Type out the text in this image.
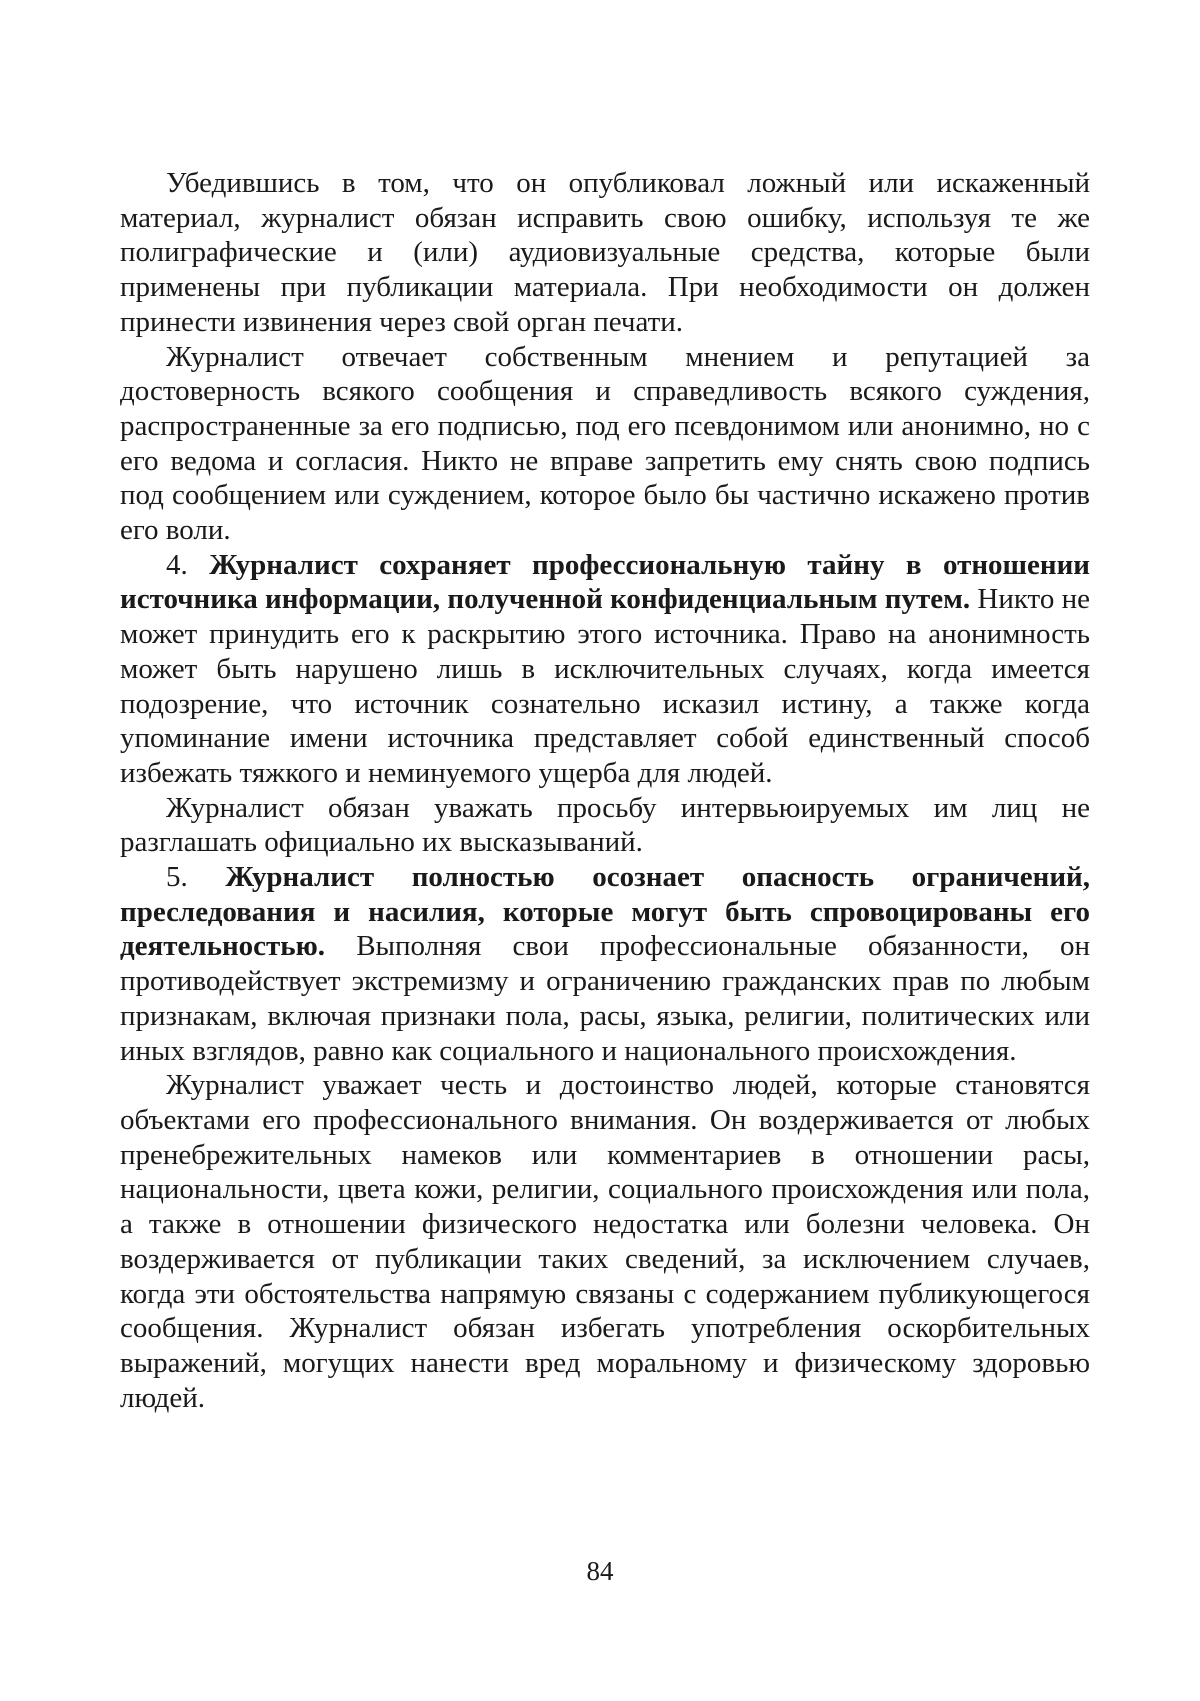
Убедившись в том, что он опубликовал ложный или искаженный материал, журналист обязан исправить свою ошибку, используя те же полиграфические и (или) аудиовизуальные средства, которые были применены при публикации материала. При необходимости он должен принести извинения через свой орган печати.

Журналист отвечает собственным мнением и репутацией за достоверность всякого сообщения и справедливость всякого суждения, распространенные за его подписью, под его псевдонимом или анонимно, но с его ведома и согласия. Никто не вправе запретить ему снять свою подпись под сообщением или суждением, которое было бы частично искажено против его воли.

4. Журналист сохраняет профессиональную тайну в отношении источника информации, полученной конфиденциальным путем. Никто не может принудить его к раскрытию этого источника. Право на анонимность может быть нарушено лишь в исключительных случаях, когда имеется подозрение, что источник сознательно исказил истину, а также когда упоминание имени источника представляет собой единственный способ избежать тяжкого и неминуемого ущерба для людей.

Журналист обязан уважать просьбу интервьюируемых им лиц не разглашать официально их высказываний.

5. Журналист полностью осознает опасность ограничений, преследования и насилия, которые могут быть спровоцированы его деятельностью. Выполняя свои профессиональные обязанности, он противодействует экстремизму и ограничению гражданских прав по любым признакам, включая признаки пола, расы, языка, религии, политических или иных взглядов, равно как социального и национального происхождения.

Журналист уважает честь и достоинство людей, которые становятся объектами его профессионального внимания. Он воздерживается от любых пренебрежительных намеков или комментариев в отношении расы, национальности, цвета кожи, религии, социального происхождения или пола, а также в отношении физического недостатка или болезни человека. Он воздерживается от публикации таких сведений, за исключением случаев, когда эти обстоятельства напрямую связаны с содержанием публикующегося сообщения. Журналист обязан избегать употребления оскорбительных выражений, могущих нанести вред моральному и физическому здоровью людей.

84
